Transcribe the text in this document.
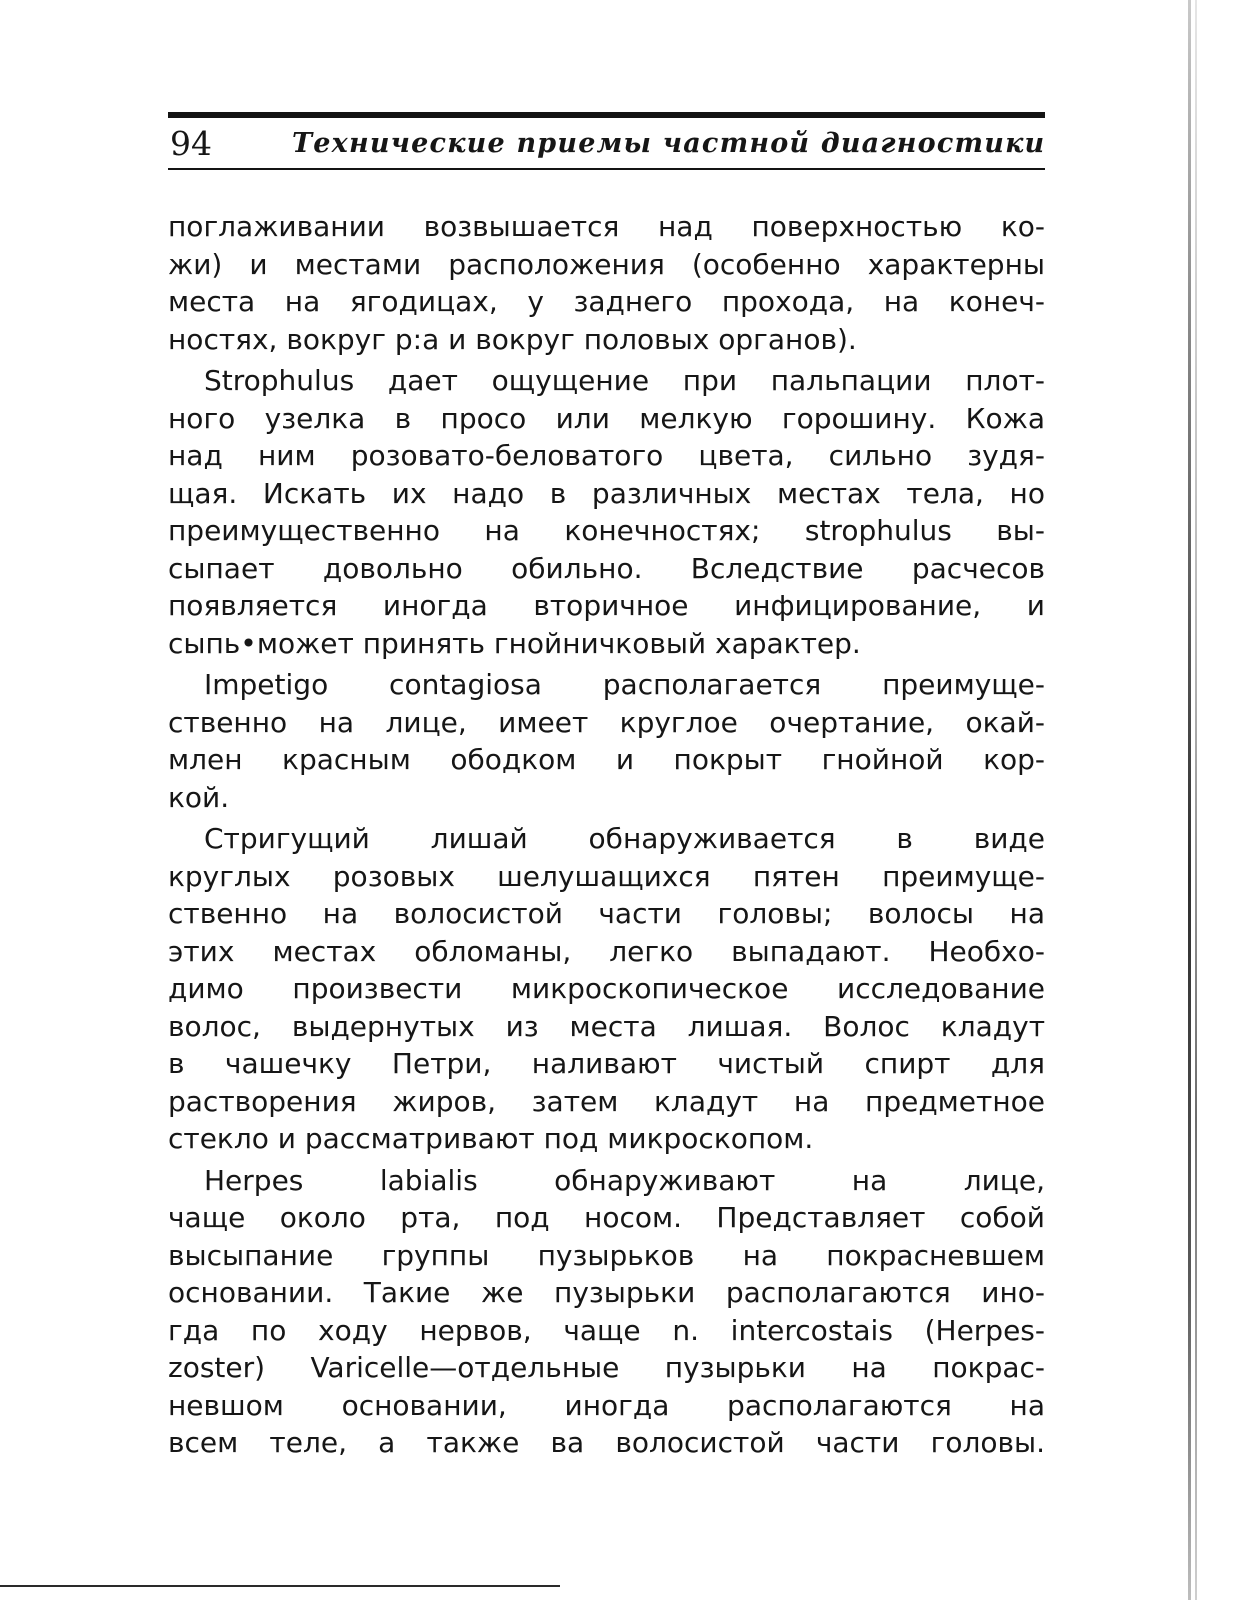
94	Технические приемы частной диагностики
поглаживании возвышается над поверхностью ко-
жи) и местами расположения (особенно характерны
места на ягодицах, у заднего прохода, на конеч-
ностях, вокруг р:а и вокруг половых органов).
Strophulus дает ощущение при пальпации плот-
ного узелка в просо или мелкую горошину. Кожа
над ним розовато-беловатого цвета, сильно зудя-
щая. Искать их надо в различных местах тела, но
преимущественно на конечностях; strophulus вы-
сыпает довольно обильно. Вследствие расчесов
появляется иногда вторичное инфицирование, и
сыпь•может принять гнойничковый характер.
Impetigo contagiosa располагается преимуще-
ственно на лице, имеет круглое очертание, окай-
млен красным ободком и покрыт гнойной кор-
кой.
Стригущий лишай обнаруживается в виде
круглых розовых шелушащихся пятен преимуще-
ственно на волосистой части головы; волосы на
этих местах обломаны, легко выпадают. Необхо-
димо произвести микроскопическое исследование
волос, выдернутых из места лишая. Волос кладут
в чашечку Петри, наливают чистый спирт для
растворения жиров, затем кладут на предметное
стекло и рассматривают под микроскопом.
Herpes labialis обнаруживают на лице,
чаще около рта, под носом. Представляет собой
высыпание группы пузырьков на покрасневшем
основании. Такие же пузырьки располагаются ино-
гда по ходу нервов, чаще n. intercostais (Herpes-
zoster) Varicelle—отдельные пузырьки на покрас-
невшом основании, иногда располагаются на
всем теле, а также ва волосистой части головы.
